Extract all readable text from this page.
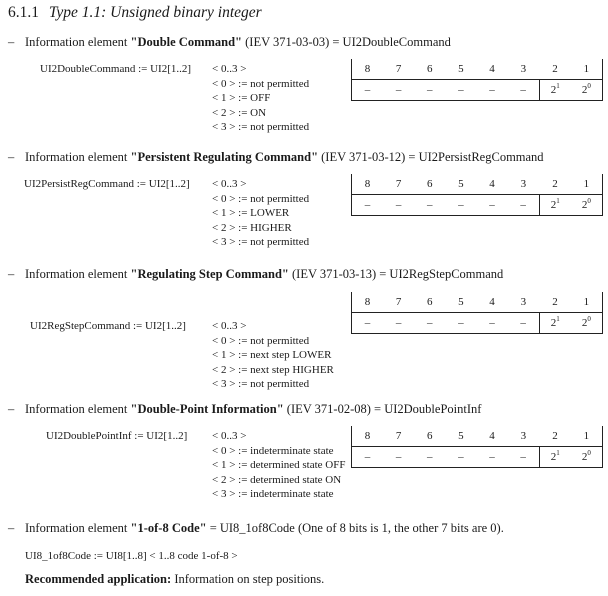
6.1.1 Type 1.1: Unsigned binary integer
– Information element "Double Command" (IEV 371-03-03) = UI2DoubleCommand
UI2DoubleCommand := UI2[1..2] < 0..3 >
< 0 > := not permitted
< 1 > := OFF
< 2 > := ON
< 3 > := not permitted
8	7	6	5	4	3	2	1
–	–	–	–	–	–	$2^1$	$2^0$
– Information element "Persistent Regulating Command" (IEV 371-03-12) = UI2PersistRegCommand
UI2PersistRegCommand := UI2[1..2] < 0..3 >
< 0 > := not permitted
< 1 > := LOWER
< 2 > := HIGHER
< 3 > := not permitted
8	7	6	5	4	3	2	1
–	–	–	–	–	–	$2^1$	$2^0$
– Information element "Regulating Step Command" (IEV 371-03-13) = UI2RegStepCommand
UI2RegStepCommand := UI2[1..2] < 0..3 >
< 0 > := not permitted
< 1 > := next step LOWER
< 2 > := next step HIGHER
< 3 > := not permitted
8	7	6	5	4	3	2	1
–	–	–	–	–	–	$2^1$	$2^0$
– Information element "Double-Point Information" (IEV 371-02-08) = UI2DoublePointInf
UI2DoublePointInf := UI2[1..2] < 0..3 >
< 0 > := indeterminate state
< 1 > := determined state OFF
< 2 > := determined state ON
< 3 > := indeterminate state
8	7	6	5	4	3	2	1
–	–	–	–	–	–	$2^1$	$2^0$
– Information element "1-of-8 Code" = UI8_1of8Code (One of 8 bits is 1, the other 7 bits are 0).
UI8_1of8Code := UI8[1..8] < 1..8 code 1-of-8 >
Recommended application: Information on step positions.
